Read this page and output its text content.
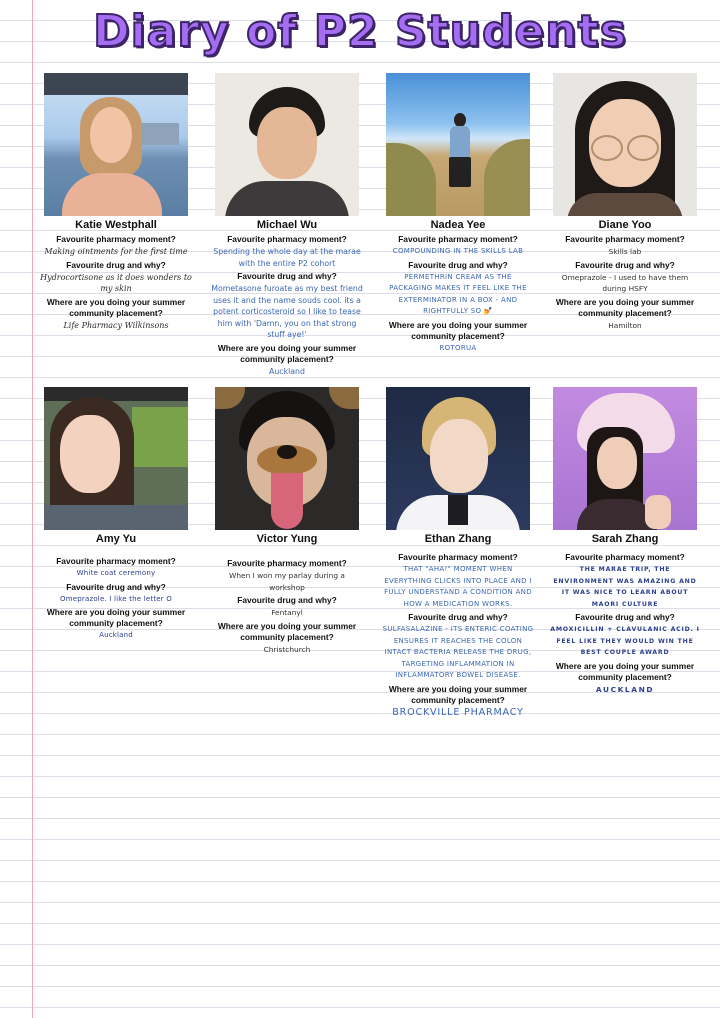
Diary of P2 Students
Katie Westphall
Favourite pharmacy moment?
Making ointments for the first time
Favourite drug and why?
Hydrocortisone as it does wonders to my skin
Where are you doing your summer community placement?
Life Pharmacy Wilkinsons
Michael Wu
Favourite pharmacy moment?
Spending the whole day at the marae with the entire P2 cohort
Favourite drug and why?
Mometasone furoate as my best friend uses it and the name souds cool. its a potent corticosteroid so I like to tease him with 'Damn, you on that strong stuff aye!'
Where are you doing your summer community placement?
Auckland
Nadea Yee
Favourite pharmacy moment?
COMPOUNDING IN THE SKILLS LAB
Favourite drug and why?
PERMETHRIN CREAM AS THE PACKAGING MAKES IT FEEL LIKE THE EXTERMINATOR IN A BOX - AND RIGHTFULLY SO 💅
Where are you doing your summer community placement?
ROTORUA
Diane Yoo
Favourite pharmacy moment?
Skills lab
Favourite drug and why?
Omeprazole - I used to have them during HSFY
Where are you doing your summer community placement?
Hamilton
Amy Yu
Favourite pharmacy moment?
White coat ceremony
Favourite drug and why?
Omeprazole. I like the letter O
Where are you doing your summer community placement?
Auckland
Victor Yung
Favourite pharmacy moment?
When I won my parlay during a workshop
Favourite drug and why?
Fentanyl
Where are you doing your summer community placement?
Christchurch
Ethan Zhang
Favourite pharmacy moment?
THAT "AHA!" MOMENT WHEN EVERYTHING CLICKS INTO PLACE AND I FULLY UNDERSTAND A CONDITION AND HOW A MEDICATION WORKS.
Favourite drug and why?
SULFASALAZINE - ITS ENTERIC COATING ENSURES IT REACHES THE COLON INTACT BACTERIA RELEASE THE DRUG, TARGETING INFLAMMATION IN INFLAMMATORY BOWEL DISEASE.
Where are you doing your summer community placement?
BROCKVILLE PHARMACY
Sarah Zhang
Favourite pharmacy moment?
THE MARAE TRIP, THE ENVIRONMENT WAS AMAZING AND IT WAS NICE TO LEARN ABOUT MAORI CULTURE
Favourite drug and why?
AMOXICILLIN + CLAVULANIC ACID. I FEEL LIKE THEY WOULD WIN THE BEST COUPLE AWARD
Where are you doing your summer community placement?
AUCKLAND
